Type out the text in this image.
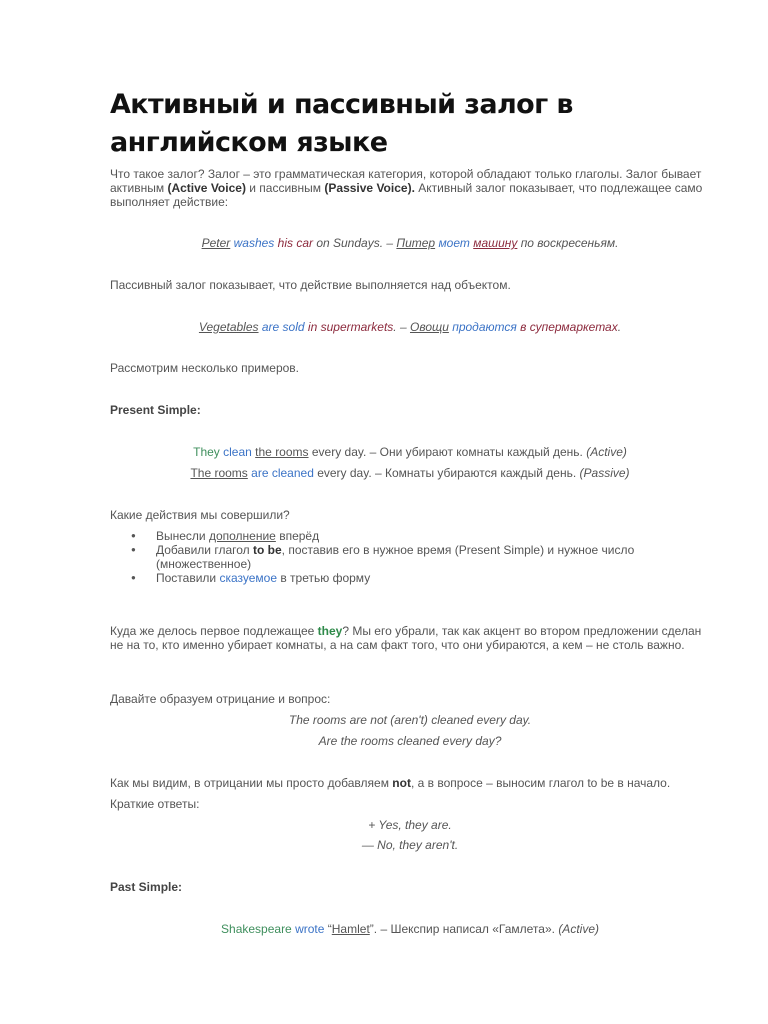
Активный и пассивный залог в английском языке

Что такое залог? Залог – это грамматическая категория, которой обладают только глаголы. Залог бывает активным (Active Voice) и пассивным (Passive Voice). Активный залог показывает, что подлежащее само выполняет действие:

Peter washes his car on Sundays. – Питер моет машину по воскресеньям.

Пассивный залог показывает, что действие выполняется над объектом.

Vegetables are sold in supermarkets. – Овощи продаются в супермаркетах.

Рассмотрим несколько примеров.

Present Simple:

They clean the rooms every day. – Они убирают комнаты каждый день. (Active)

The rooms are cleaned every day. – Комнаты убираются каждый день. (Passive)

Какие действия мы совершили?

● Вынесли дополнение вперёд
● Добавили глагол to be, поставив его в нужное время (Present Simple) и нужное число (множественное)
● Поставили сказуемое в третью форму

Куда же делось первое подлежащее they? Мы его убрали, так как акцент во втором предложении сделан не на то, кто именно убирает комнаты, а на сам факт того, что они убираются, а кем – не столь важно.

Давайте образуем отрицание и вопрос:

The rooms are not (aren't) cleaned every day.

Are the rooms cleaned every day?

Как мы видим, в отрицании мы просто добавляем not, а в вопросе – выносим глагол to be в начало.

Краткие ответы:

+ Yes, they are.

— No, they aren't.

Past Simple:

Shakespeare wrote “Hamlet”. – Шекспир написал «Гамлета». (Active)
